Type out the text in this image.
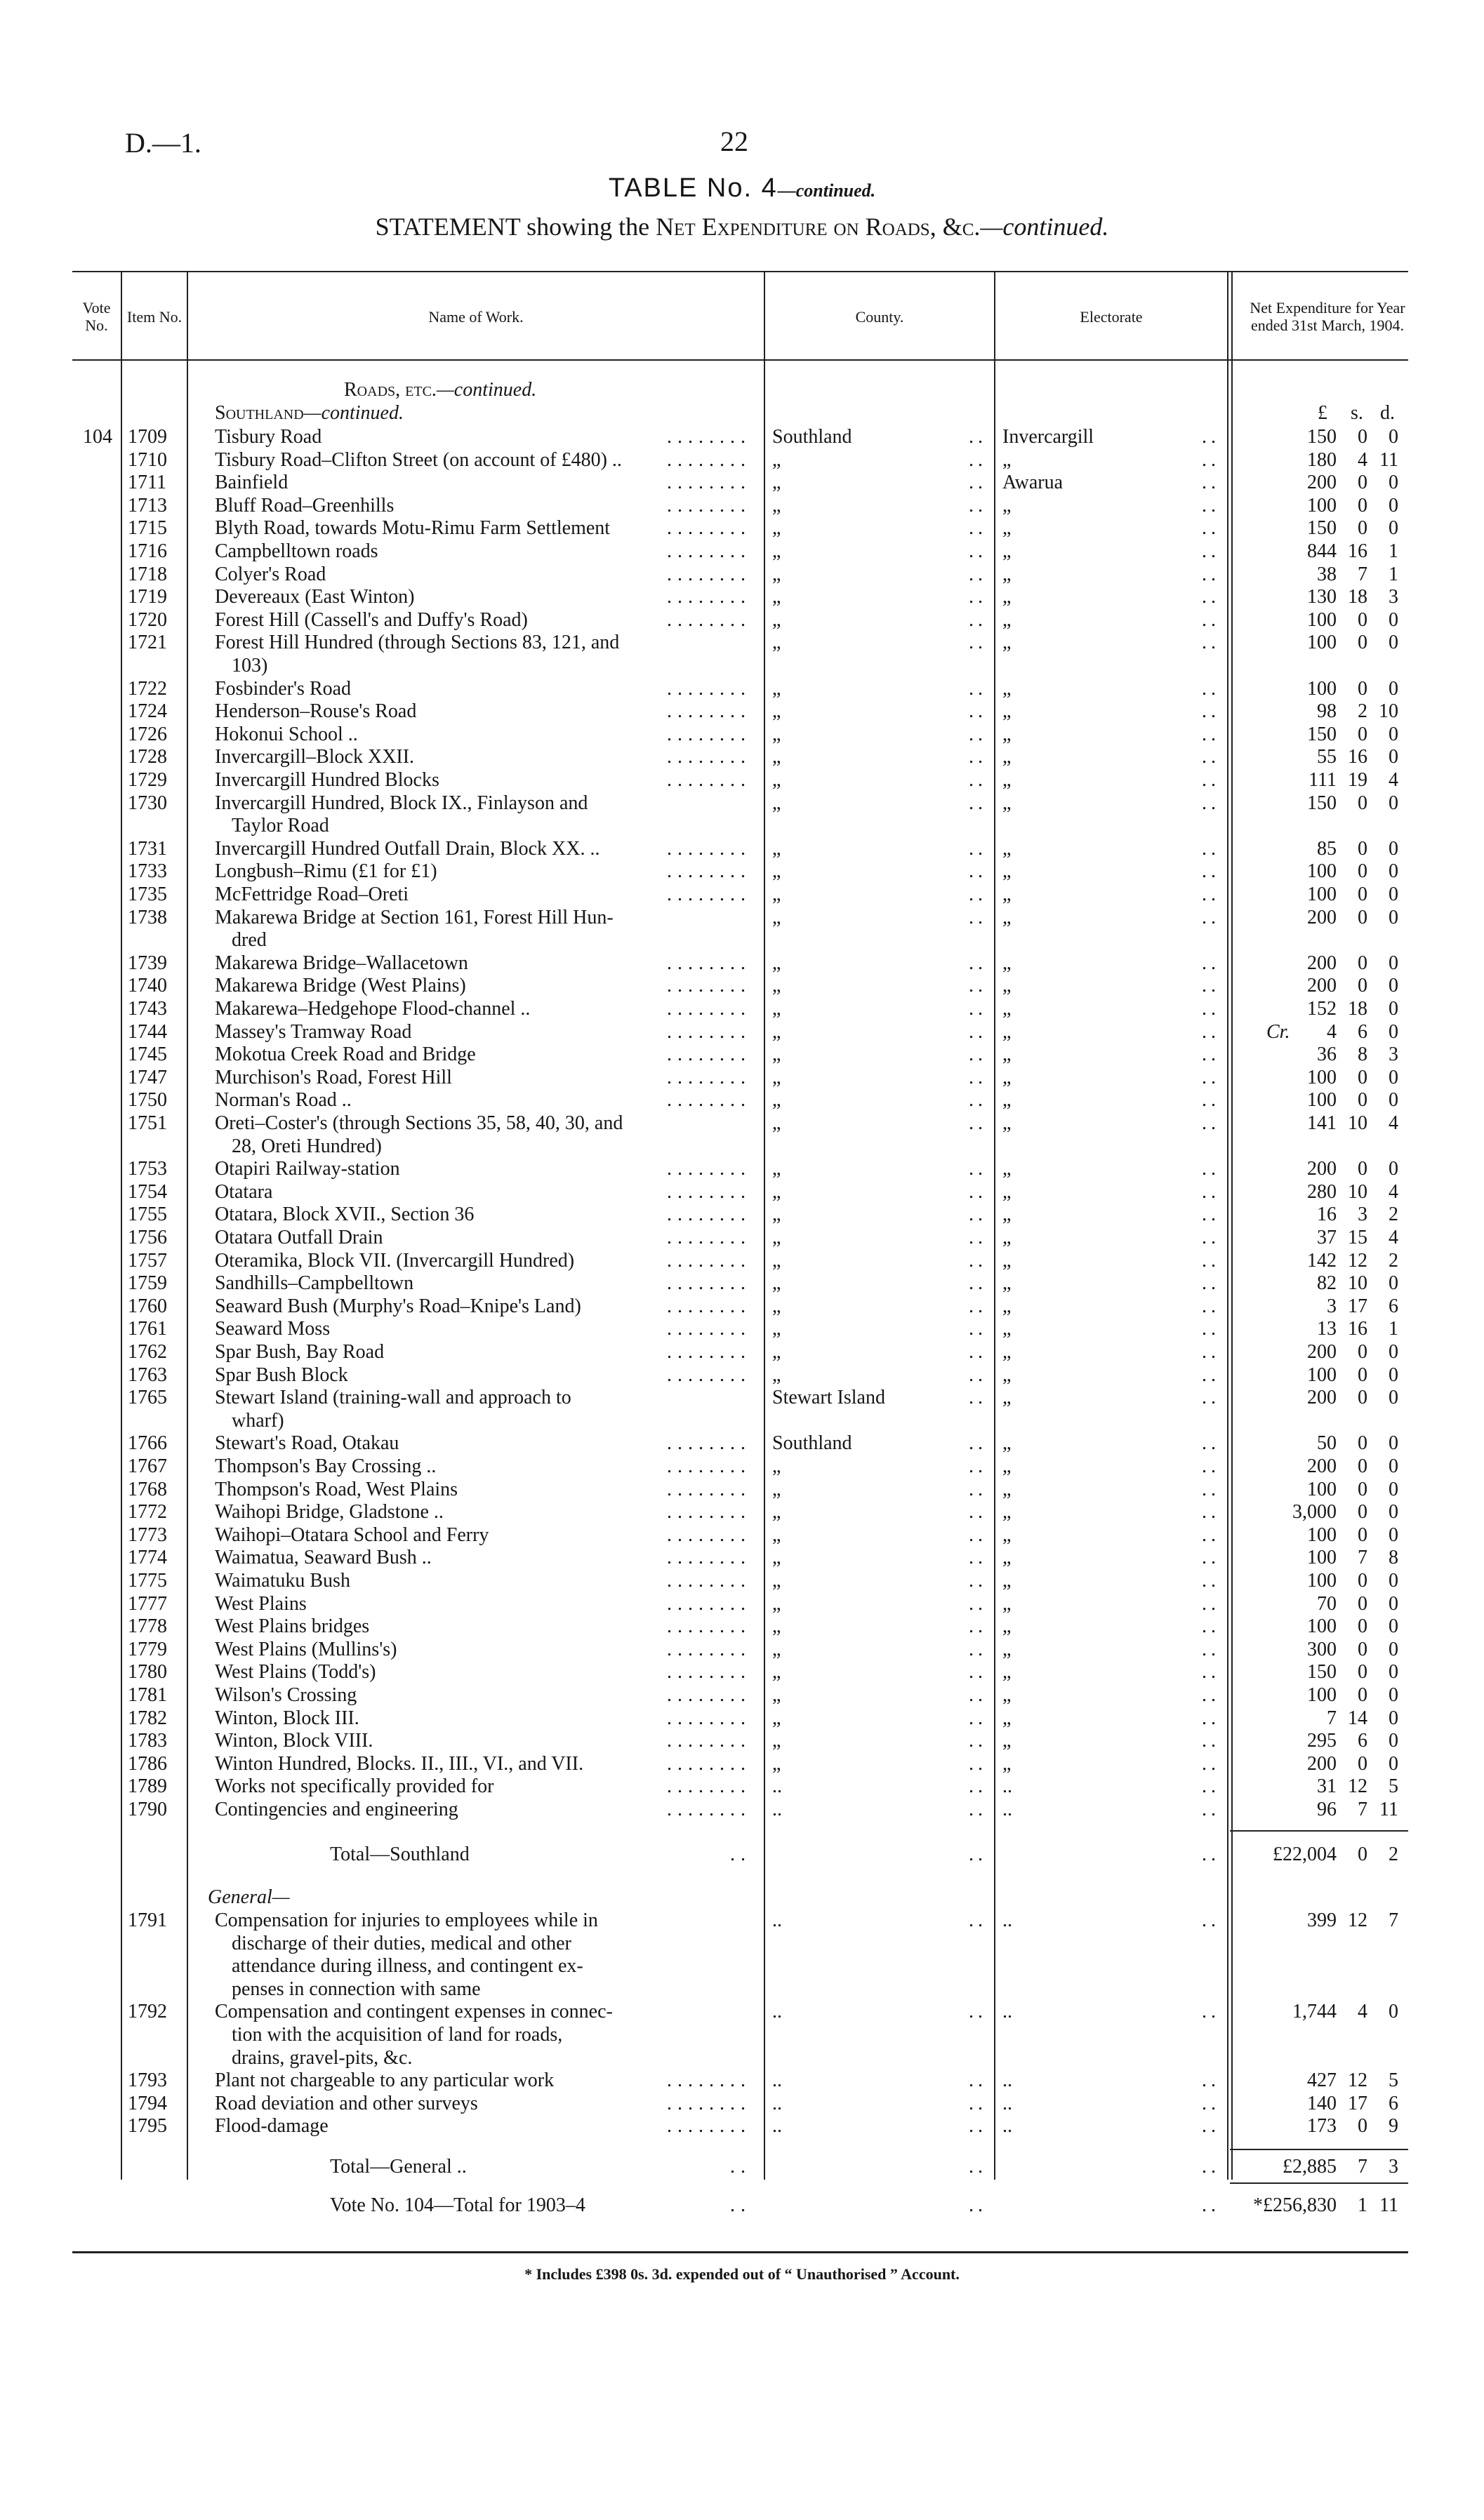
D.—1.	22
TABLE No. 4—continued.
STATEMENT showing the Net Expenditure on Roads, &c.—continued.
Vote No.	Item No.	Name of Work.	County.	Electorate	Net Expenditure for Year ended 31st March, 1904.
Roads, etc.—continued.
Southland—continued.	£ s. d.
104 1709 Tisbury Road	........ Southland	.. Invercargill	..	150	0	0
1710 Tisbury Road–Clifton Street (on account of £480) ..	........ „	.. „	..	180	4 11
1711 Bainfield	........ „	.. Awarua	..	200	0	0
1713 Bluff Road–Greenhills	........ „	.. „	..	100	0	0
1715 Blyth Road, towards Motu-Rimu Farm Settlement	........ „	.. „	..	150	0	0
1716 Campbelltown roads	........ „	.. „	..	844 16	1
1718 Colyer's Road	........ „	.. „	..	38	7	1
1719 Devereaux (East Winton)	........ „	.. „	..	130 18	3
1720 Forest Hill (Cassell's and Duffy's Road)	........ „	.. „	..	100	0	0
1721 Forest Hill Hundred (through Sections 83, 121, and	„	.. „	..	100	0	0
103)
1722 Fosbinder's Road	........ „	.. „	..	100	0	0
1724 Henderson–Rouse's Road	........ „	.. „	..	98	2 10
1726 Hokonui School ..	........ „	.. „	..	150	0	0
1728 Invercargill–Block XXII.	........ „	.. „	..	55 16	0
1729 Invercargill Hundred Blocks	........ „	.. „	..	111 19	4
1730 Invercargill Hundred, Block IX., Finlayson and	„	.. „	..	150	0	0
Taylor Road
1731 Invercargill Hundred Outfall Drain, Block XX. ..	........ „	.. „	..	85	0	0
1733 Longbush–Rimu (£1 for £1)	........ „	.. „	..	100	0	0
1735 McFettridge Road–Oreti	........ „	.. „	..	100	0	0
1738 Makarewa Bridge at Section 161, Forest Hill Hun-	„	.. „	..	200	0	0
dred
1739 Makarewa Bridge–Wallacetown	........ „	.. „	..	200	0	0
1740 Makarewa Bridge (West Plains)	........ „	.. „	..	200	0	0
1743 Makarewa–Hedgehope Flood-channel ..	........ „	.. „	..	152 18	0
1744 Massey's Tramway Road	........ „	.. „	.. Cr.	4	6	0
1745 Mokotua Creek Road and Bridge	........ „	.. „	..	36	8	3
1747 Murchison's Road, Forest Hill	........ „	.. „	..	100	0	0
1750 Norman's Road ..	........ „	.. „	..	100	0	0
1751 Oreti–Coster's (through Sections 35, 58, 40, 30, and	„	.. „	..	141 10	4
28, Oreti Hundred)
1753 Otapiri Railway-station	........ „	.. „	..	200	0	0
1754 Otatara	........ „	.. „	..	280 10	4
1755 Otatara, Block XVII., Section 36	........ „	.. „	..	16	3	2
1756 Otatara Outfall Drain	........ „	.. „	..	37 15	4
1757 Oteramika, Block VII. (Invercargill Hundred)	........ „	.. „	..	142 12	2
1759 Sandhills–Campbelltown	........ „	.. „	..	82 10	0
1760 Seaward Bush (Murphy's Road–Knipe's Land)	........ „	.. „	..	3 17	6
1761 Seaward Moss	........ „	.. „	..	13 16	1
1762 Spar Bush, Bay Road	........ „	.. „	..	200	0	0
1763 Spar Bush Block	........ „	.. „	..	100	0	0
1765 Stewart Island (training-wall and approach to	Stewart Island	.. „	..	200	0	0
wharf)
1766 Stewart's Road, Otakau	........ Southland	.. „	..	50	0	0
1767 Thompson's Bay Crossing ..	........ „	.. „	..	200	0	0
1768 Thompson's Road, West Plains	........ „	.. „	..	100	0	0
1772 Waihopi Bridge, Gladstone ..	........ „	.. „	..	3,000	0	0
1773 Waihopi–Otatara School and Ferry	........ „	.. „	..	100	0	0
1774 Waimatua, Seaward Bush ..	........ „	.. „	..	100	7	8
1775 Waimatuku Bush	........ „	.. „	..	100	0	0
1777 West Plains	........ „	.. „	..	70	0	0
1778 West Plains bridges	........ „	.. „	..	100	0	0
1779 West Plains (Mullins's)	........ „	.. „	..	300	0	0
1780 West Plains (Todd's)	........ „	.. „	..	150	0	0
1781 Wilson's Crossing	........ „	.. „	..	100	0	0
1782 Winton, Block III.	........ „	.. „	..	7 14	0
1783 Winton, Block VIII.	........ „	.. „	..	295	6	0
1786 Winton Hundred, Blocks. II., III., VI., and VII.	........ „	.. „	..	200	0	0
1789 Works not specifically provided for	........ ..	.. ..	..	31 12	5
1790 Contingencies and engineering	........ ..	.. ..	..	96	7 11
Total—Southland	..	..	..	£22,004	0	2
General—
1791 Compensation for injuries to employees while in	..	.. ..	..	399 12	7
discharge of their duties, medical and other
attendance during illness, and contingent ex-
penses in connection with same
1792 Compensation and contingent expenses in connec-	..	.. ..	..	1,744	4	0
tion with the acquisition of land for roads,
drains, gravel-pits, &c.
1793 Plant not chargeable to any particular work	........ ..	.. ..	..	427 12	5
1794 Road deviation and other surveys	........ ..	.. ..	..	140 17	6
1795 Flood-damage	........ ..	.. ..	..	173	0	9
Total—General ..	..	..	..	£2,885	7	3
Vote No. 104—Total for 1903–4	..	..	..	*£256,830	1 11
* Includes £398 0s. 3d. expended out of “ Unauthorised ” Account.
